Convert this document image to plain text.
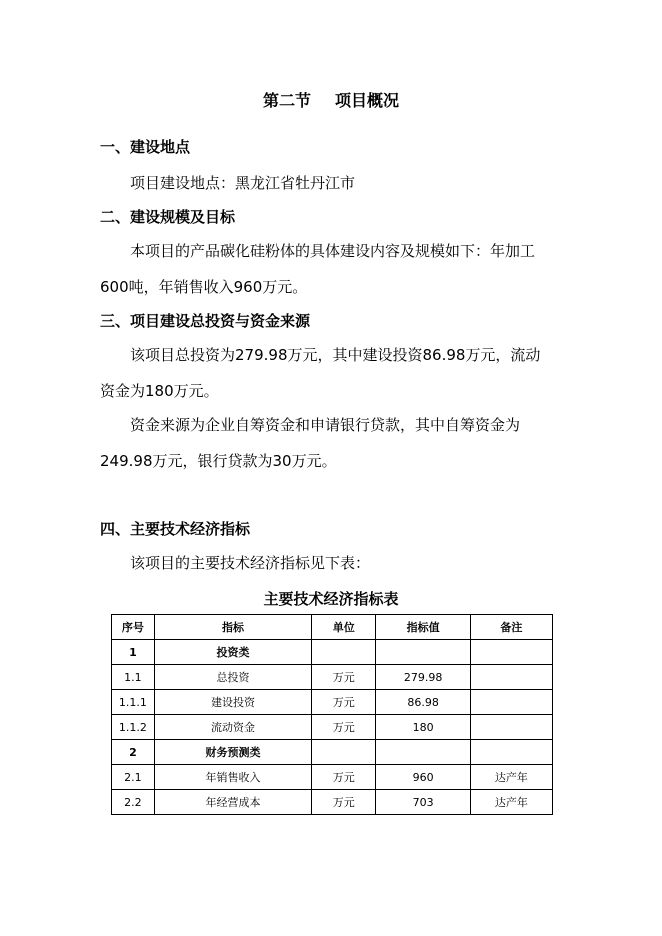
第二节 项目概况
一、建设地点
项目建设地点：黑龙江省牡丹江市
二、建设规模及目标
本项目的产品碳化硅粉体的具体建设内容及规模如下：年加工
600吨，年销售收入960万元。
三、项目建设总投资与资金来源
该项目总投资为279.98万元，其中建设投资86.98万元，流动
资金为180万元。
资金来源为企业自筹资金和申请银行贷款，其中自筹资金为
249.98万元，银行贷款为30万元。
四、主要技术经济指标
该项目的主要技术经济指标见下表：
主要技术经济指标表
序号	指标	单位	指标值	备注
1	投资类			
1.1	总投资	万元	279.98	
1.1.1	建设投资	万元	86.98	
1.1.2	流动资金	万元	180	
2	财务预测类			
2.1	年销售收入	万元	960	达产年
2.2	年经营成本	万元	703	达产年
